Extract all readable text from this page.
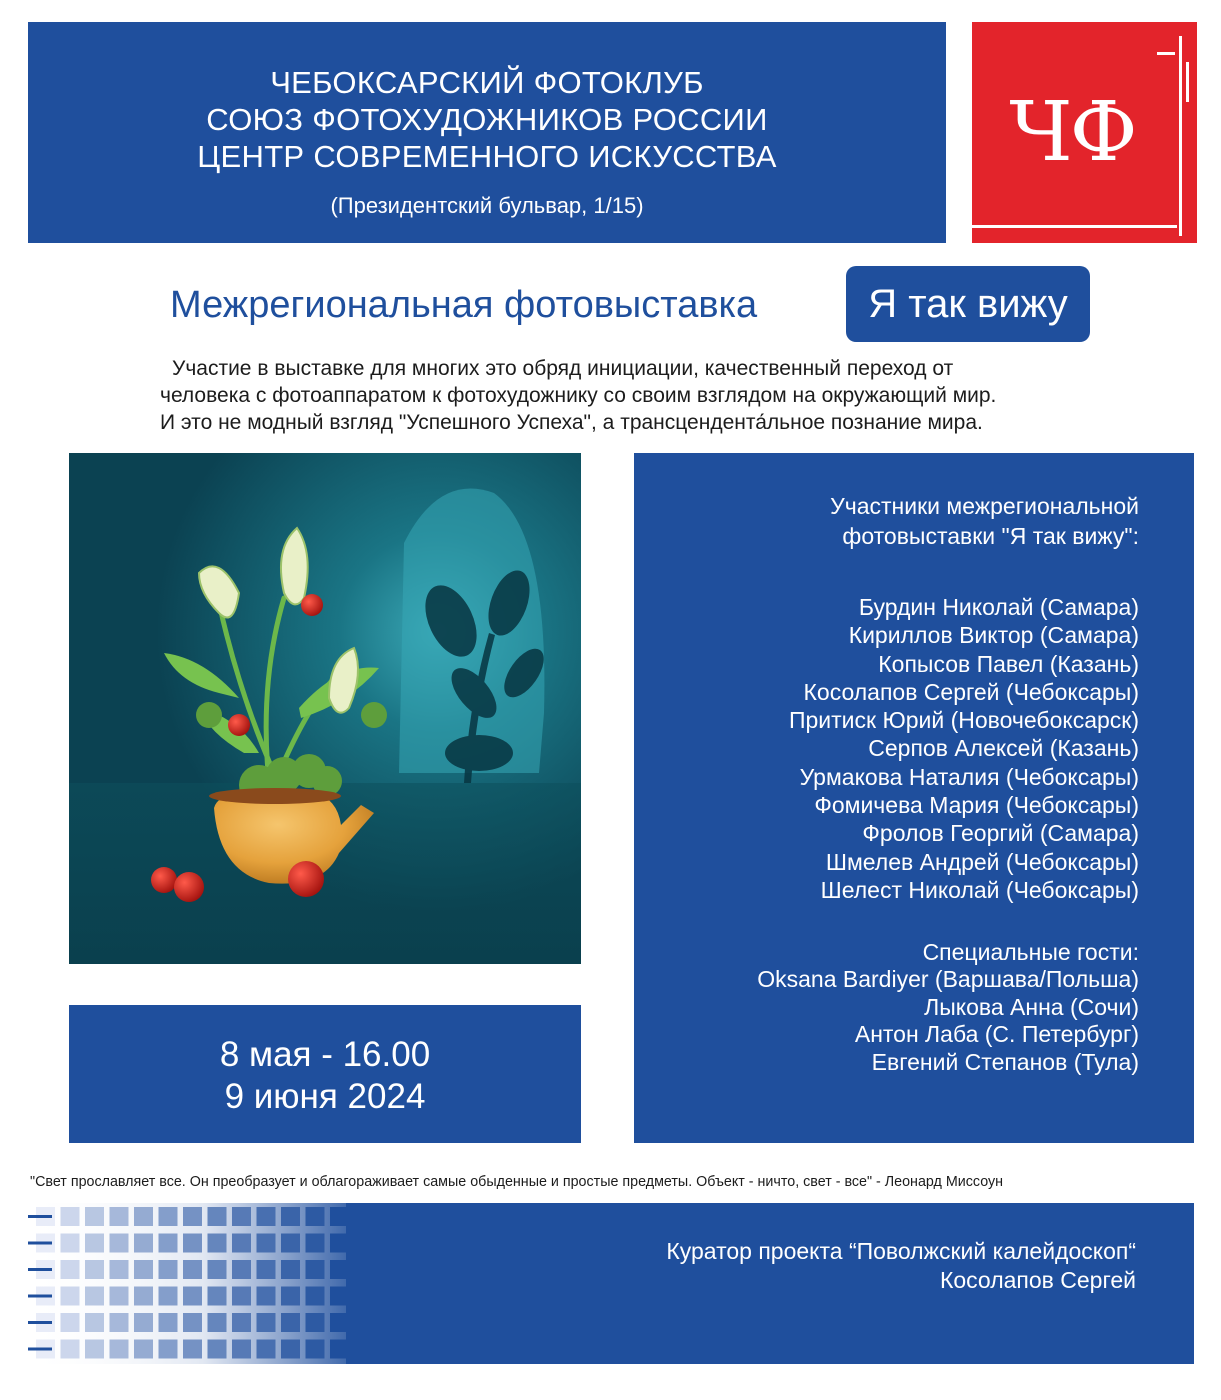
ЧЕБОКСАРСКИЙ ФОТОКЛУБ
СОЮЗ ФОТОХУДОЖНИКОВ РОССИИ
ЦЕНТР СОВРЕМЕННОГО ИСКУССТВА
(Президентский бульвар, 1/15)
ЧФ
Межрегиональная фотовыставка	Я так вижу

Участие в выставке для многих это обряд инициации, качественный переход от

человека с фотоаппаратом к фотохудожнику со своим взглядом на окружающий мир.

И это не модный взгляд "Успешного Успеха", а трансцендента́льное познание мира.

8 мая - 16.00
9 июня 2024
Участники межрегиональной
фотовыставки "Я так вижу":
Бурдин Николай (Самара)
Кириллов Виктор (Самара)
Копысов Павел (Казань)
Косолапов Сергей (Чебоксары)
Притиск Юрий (Новочебоксарск)
Серпов Алексей (Казань)
Урмакова Наталия (Чебоксары)
Фомичева Мария (Чебоксары)
Фролов Георгий (Самара)
Шмелев Андрей (Чебоксары)
Шелест Николай (Чебоксары)
Специальные гости:
Oksana Bardiyer (Варшава/Польша)
Лыкова Анна (Сочи)
Антон Лаба (С. Петербург)
Евгений Степанов (Тула)
"Свет прославляет все. Он преобразует и облагораживает самые обыденные и простые предметы. Объект - ничто, свет - все" - Леонард Миссоун
Куратор проекта “Поволжский калейдоскоп“
Косолапов Сергей
